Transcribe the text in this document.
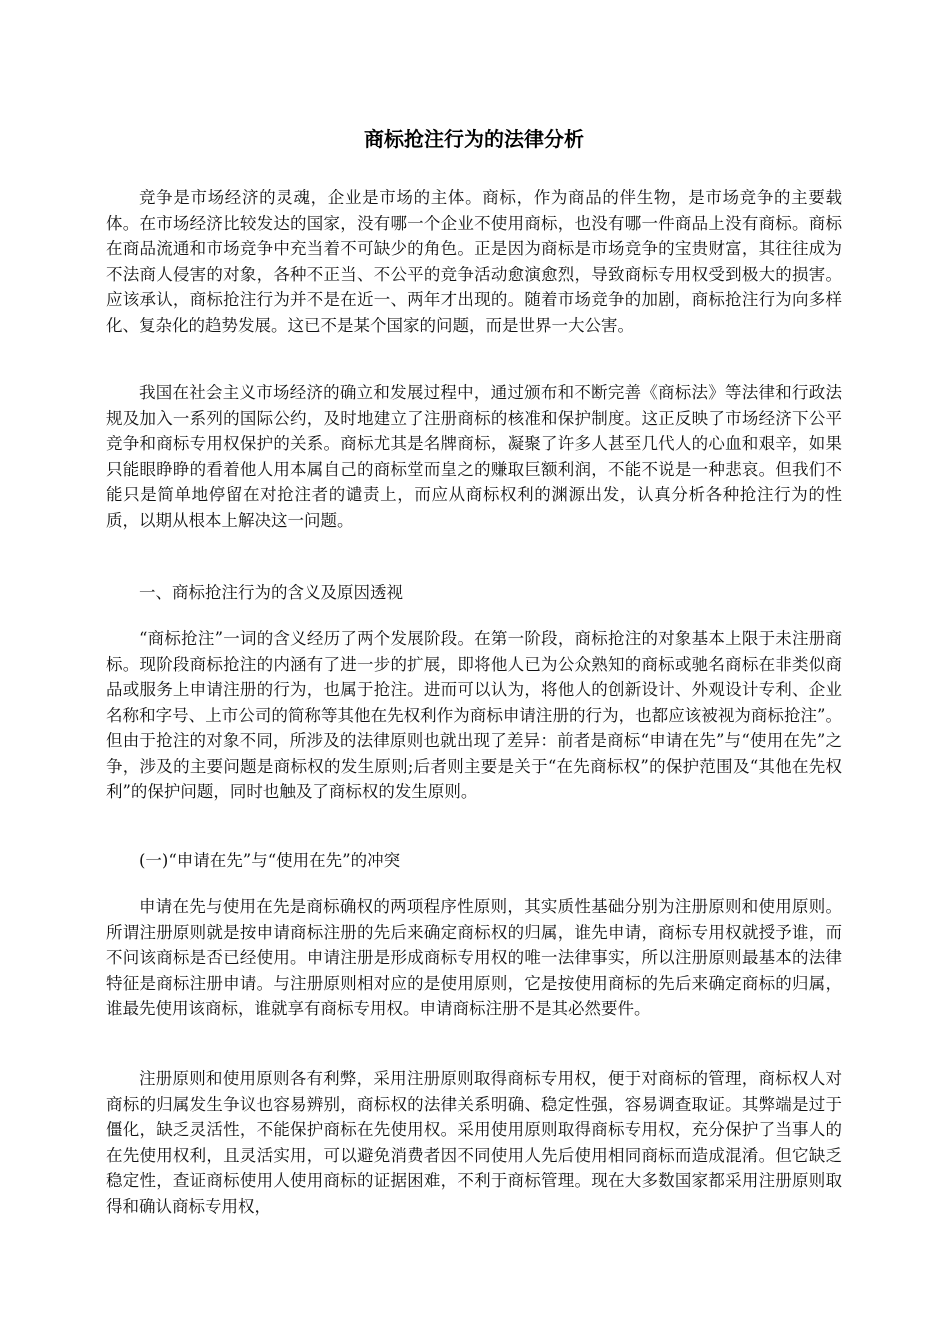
商标抢注行为的法律分析

竞争是市场经济的灵魂，企业是市场的主体。商标，作为商品的伴生物，是市场竞争的主要载体。在市场经济比较发达的国家，没有哪一个企业不使用商标，也没有哪一件商品上没有商标。商标在商品流通和市场竞争中充当着不可缺少的角色。正是因为商标是市场竞争的宝贵财富，其往往成为不法商人侵害的对象，各种不正当、不公平的竞争活动愈演愈烈，导致商标专用权受到极大的损害。应该承认，商标抢注行为并不是在近一、两年才出现的。随着市场竞争的加剧，商标抢注行为向多样化、复杂化的趋势发展。这已不是某个国家的问题，而是世界一大公害。

我国在社会主义市场经济的确立和发展过程中，通过颁布和不断完善《商标法》等法律和行政法规及加入一系列的国际公约，及时地建立了注册商标的核准和保护制度。这正反映了市场经济下公平竞争和商标专用权保护的关系。商标尤其是名牌商标，凝聚了许多人甚至几代人的心血和艰辛，如果只能眼睁睁的看着他人用本属自己的商标堂而皇之的赚取巨额利润，不能不说是一种悲哀。但我们不能只是简单地停留在对抢注者的谴责上，而应从商标权利的渊源出发，认真分析各种抢注行为的性质，以期从根本上解决这一问题。

一、商标抢注行为的含义及原因透视

“商标抢注”一词的含义经历了两个发展阶段。在第一阶段，商标抢注的对象基本上限于未注册商标。现阶段商标抢注的内涵有了进一步的扩展，即将他人已为公众熟知的商标或驰名商标在非类似商品或服务上申请注册的行为，也属于抢注。进而可以认为，将他人的创新设计、外观设计专利、企业名称和字号、上市公司的简称等其他在先权利作为商标申请注册的行为，也都应该被视为商标抢注”。但由于抢注的对象不同，所涉及的法律原则也就出现了差异：前者是商标“申请在先”与“使用在先”之争，涉及的主要问题是商标权的发生原则;后者则主要是关于“在先商标权”的保护范围及“其他在先权利”的保护问题，同时也触及了商标权的发生原则。

(一)“申请在先”与“使用在先”的冲突

申请在先与使用在先是商标确权的两项程序性原则，其实质性基础分别为注册原则和使用原则。所谓注册原则就是按申请商标注册的先后来确定商标权的归属，谁先申请，商标专用权就授予谁，而不问该商标是否已经使用。申请注册是形成商标专用权的唯一法律事实，所以注册原则最基本的法律特征是商标注册申请。与注册原则相对应的是使用原则，它是按使用商标的先后来确定商标的归属，谁最先使用该商标，谁就享有商标专用权。申请商标注册不是其必然要件。

注册原则和使用原则各有利弊，采用注册原则取得商标专用权，便于对商标的管理，商标权人对商标的归属发生争议也容易辨别，商标权的法律关系明确、稳定性强，容易调查取证。其弊端是过于僵化，缺乏灵活性，不能保护商标在先使用权。采用使用原则取得商标专用权，充分保护了当事人的在先使用权利，且灵活实用，可以避免消费者因不同使用人先后使用相同商标而造成混淆。但它缺乏稳定性，查证商标使用人使用商标的证据困难，不利于商标管理。现在大多数国家都采用注册原则取得和确认商标专用权，
